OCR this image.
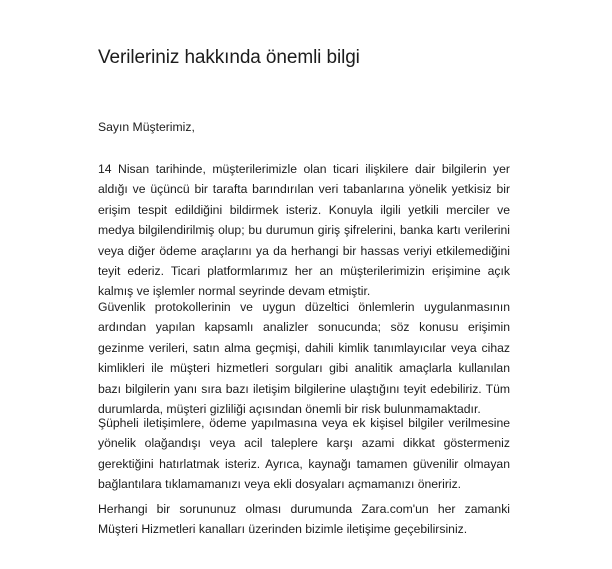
Verileriniz hakkında önemli bilgi

Sayın Müşterimiz,

14 Nisan tarihinde, müşterilerimizle olan ticari ilişkilere dair bilgilerin yer aldığı ve üçüncü bir tarafta barındırılan veri tabanlarına yönelik yetkisiz bir erişim tespit edildiğini bildirmek isteriz. Konuyla ilgili yetkili merciler ve medya bilgilendirilmiş olup; bu durumun giriş şifrelerini, banka kartı verilerini veya diğer ödeme araçlarını ya da herhangi bir hassas veriyi etkilemediğini teyit ederiz. Ticari platformlarımız her an müşterilerimizin erişimine açık kalmış ve işlemler normal seyrinde devam etmiştir.

Güvenlik protokollerinin ve uygun düzeltici önlemlerin uygulanmasının ardından yapılan kapsamlı analizler sonucunda; söz konusu erişimin gezinme verileri, satın alma geçmişi, dahili kimlik tanımlayıcılar veya cihaz kimlikleri ile müşteri hizmetleri sorguları gibi analitik amaçlarla kullanılan bazı bilgilerin yanı sıra bazı iletişim bilgilerine ulaştığını teyit edebiliriz. Tüm durumlarda, müşteri gizliliği açısından önemli bir risk bulunmamaktadır.

Şüpheli iletişimlere, ödeme yapılmasına veya ek kişisel bilgiler verilmesine yönelik olağandışı veya acil taleplere karşı azami dikkat göstermeniz gerektiğini hatırlatmak isteriz. Ayrıca, kaynağı tamamen güvenilir olmayan bağlantılara tıklamamanızı veya ekli dosyaları açmamanızı öneririz.

Herhangi bir sorununuz olması durumunda Zara.com'un her zamanki Müşteri Hizmetleri kanalları üzerinden bizimle iletişime geçebilirsiniz.
